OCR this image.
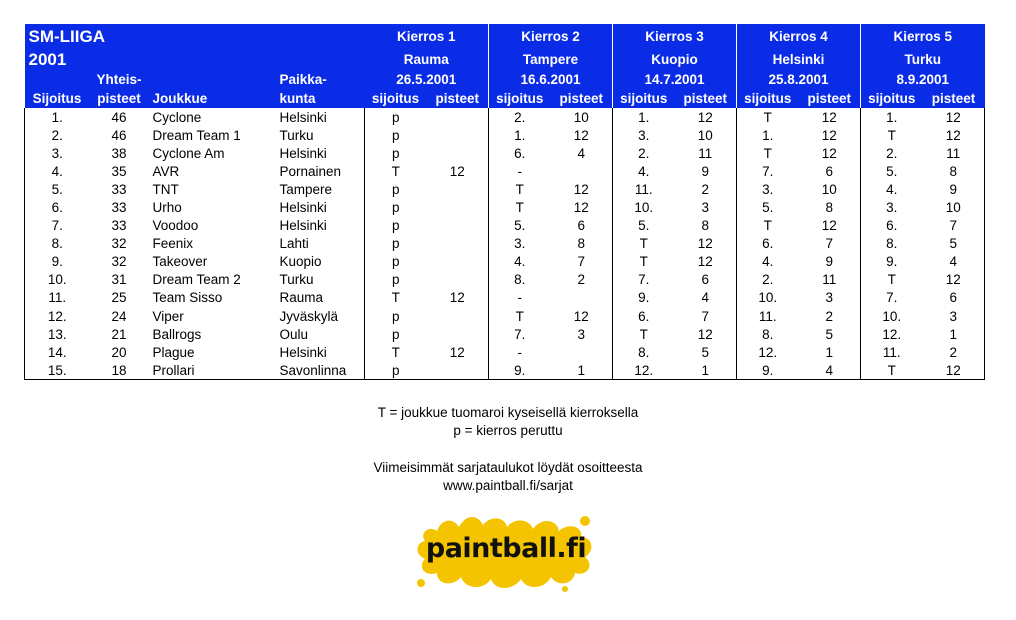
SM-LIIGA				Kierros 1		Kierros 2		Kierros 3		Kierros 4		Kierros 5	
2001				Rauma		Tampere		Kuopio		Helsinki		Turku	
	Yhteis-		Paikka-	26.5.2001		16.6.2001		14.7.2001		25.8.2001		8.9.2001	
Sijoitus	pisteet	Joukkue	kunta	sijoitus	pisteet	sijoitus	pisteet	sijoitus	pisteet	sijoitus	pisteet	sijoitus	pisteet
1.	46	Cyclone	Helsinki	p		2.	10	1.	12	T	12	1.	12
2.	46	Dream Team 1	Turku	p		1.	12	3.	10	1.	12	T	12
3.	38	Cyclone Am	Helsinki	p		6.	4	2.	11	T	12	2.	11
4.	35	AVR	Pornainen	T	12	-		4.	9	7.	6	5.	8
5.	33	TNT	Tampere	p		T	12	11.	2	3.	10	4.	9
6.	33	Urho	Helsinki	p		T	12	10.	3	5.	8	3.	10
7.	33	Voodoo	Helsinki	p		5.	6	5.	8	T	12	6.	7
8.	32	Feenix	Lahti	p		3.	8	T	12	6.	7	8.	5
9.	32	Takeover	Kuopio	p		4.	7	T	12	4.	9	9.	4
10.	31	Dream Team 2	Turku	p		8.	2	7.	6	2.	11	T	12
11.	25	Team Sisso	Rauma	T	12	-		9.	4	10.	3	7.	6
12.	24	Viper	Jyväskylä	p		T	12	6.	7	11.	2	10.	3
13.	21	Ballrogs	Oulu	p		7.	3	T	12	8.	5	12.	1
14.	20	Plague	Helsinki	T	12	-		8.	5	12.	1	11.	2
15.	18	Prollari	Savonlinna	p		9.	1	12.	1	9.	4	T	12
T = joukkue tuomaroi kyseisellä kierroksella
p = kierros peruttu
Viimeisimmät sarjataulukot löydät osoitteesta
www.paintball.fi/sarjat
paintball.fi
